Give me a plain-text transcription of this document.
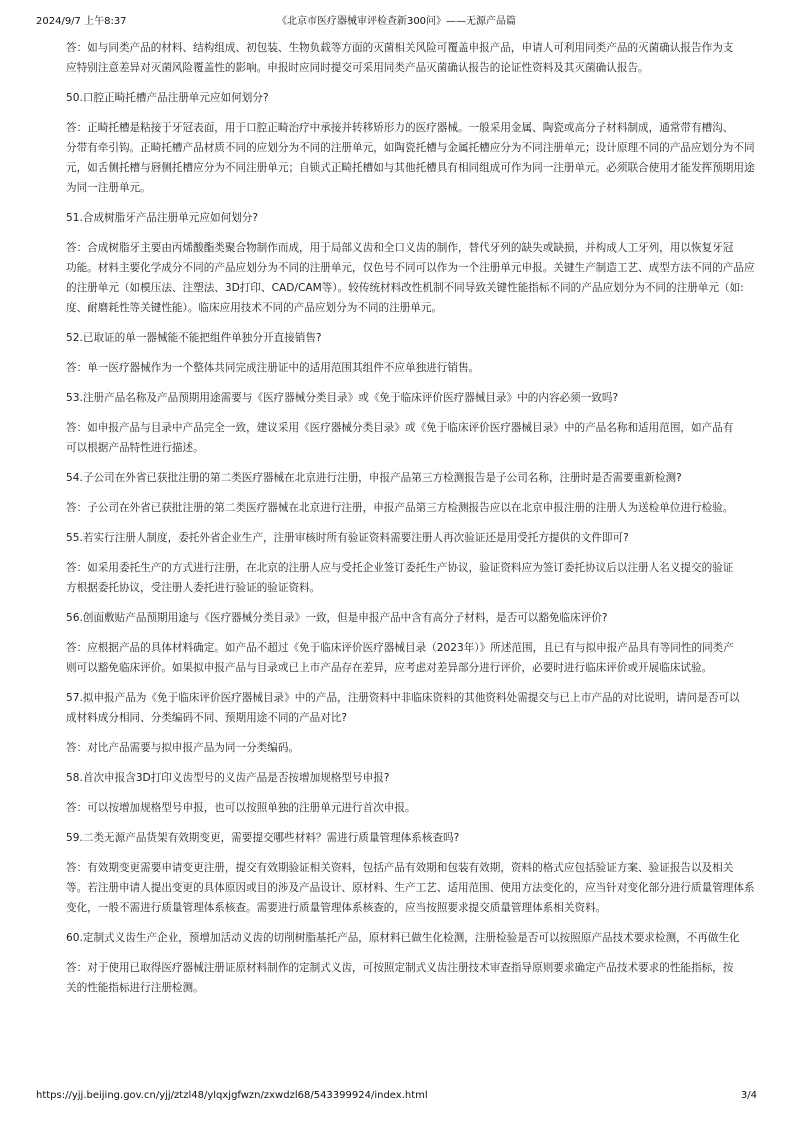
2024/9/7 上午8:37	《北京市医疗器械审评检查新300问》——无源产品篇
答：如与同类产品的材料、结构组成、初包装、生物负载等方面的灭菌相关风险可覆盖申报产品，申请人可利用同类产品的灭菌确认报告作为支
应特别注意差异对灭菌风险覆盖性的影响。申报时应同时提交可采用同类产品灭菌确认报告的论证性资料及其灭菌确认报告。
50.口腔正畸托槽产品注册单元应如何划分?
答：正畸托槽是粘接于牙冠表面，用于口腔正畸治疗中承接并转移矫形力的医疗器械。一般采用金属、陶瓷或高分子材料制成，通常带有槽沟、
分带有牵引钩。正畸托槽产品材质不同的应划分为不同的注册单元，如陶瓷托槽与金属托槽应分为不同注册单元；设计原理不同的产品应划分为不同
元，如舌侧托槽与唇侧托槽应分为不同注册单元；自锁式正畸托槽如与其他托槽具有相同组成可作为同一注册单元。必须联合使用才能发挥预期用途
为同一注册单元。
51.合成树脂牙产品注册单元应如何划分?
答：合成树脂牙主要由丙烯酸酯类聚合物制作而成，用于局部义齿和全口义齿的制作，替代牙列的缺失或缺损，并构成人工牙列，用以恢复牙冠
功能。材料主要化学成分不同的产品应划分为不同的注册单元，仅色号不同可以作为一个注册单元申报。关键生产制造工艺、成型方法不同的产品应
的注册单元（如模压法、注塑法、3D打印、CAD/CAM等）。较传统材料改性机制不同导致关键性能指标不同的产品应划分为不同的注册单元（如:
度、耐磨耗性等关键性能）。临床应用技术不同的产品应划分为不同的注册单元。
52.已取证的单一器械能不能把组件单独分开直接销售?
答：单一医疗器械作为一个整体共同完成注册证中的适用范围其组件不应单独进行销售。
53.注册产品名称及产品预期用途需要与《医疗器械分类目录》或《免于临床评价医疗器械目录》中的内容必须一致吗?
答：如申报产品与目录中产品完全一致，建议采用《医疗器械分类目录》或《免于临床评价医疗器械目录》中的产品名称和适用范围，如产品有
可以根据产品特性进行描述。
54.子公司在外省已获批注册的第二类医疗器械在北京进行注册，申报产品第三方检测报告是子公司名称，注册时是否需要重新检测?
答：子公司在外省已获批注册的第二类医疗器械在北京进行注册，申报产品第三方检测报告应以在北京申报注册的注册人为送检单位进行检验。
55.若实行注册人制度，委托外省企业生产，注册审核时所有验证资料需要注册人再次验证还是用受托方提供的文件即可?
答：如采用委托生产的方式进行注册，在北京的注册人应与受托企业签订委托生产协议，验证资料应为签订委托协议后以注册人名义提交的验证
方根据委托协议，受注册人委托进行验证的验证资料。
56.创面敷贴产品预期用途与《医疗器械分类目录》一致，但是申报产品中含有高分子材料，是否可以豁免临床评价?
答：应根据产品的具体材料确定。如产品不超过《免于临床评价医疗器械目录（2023年）》所述范围，且已有与拟申报产品具有等同性的同类产
则可以豁免临床评价。如果拟申报产品与目录或已上市产品存在差异，应考虑对差异部分进行评价，必要时进行临床评价或开展临床试验。
57.拟申报产品为《免于临床评价医疗器械目录》中的产品，注册资料中非临床资料的其他资料处需提交与已上市产品的对比说明，请问是否可以
成材料成分相同、分类编码不同、预期用途不同的产品对比?
答：对比产品需要与拟申报产品为同一分类编码。
58.首次申报含3D打印义齿型号的义齿产品是否按增加规格型号申报?
答：可以按增加规格型号申报，也可以按照单独的注册单元进行首次申报。
59.二类无源产品货架有效期变更，需要提交哪些材料？需进行质量管理体系核查吗?
答：有效期变更需要申请变更注册，提交有效期验证相关资料，包括产品有效期和包装有效期，资料的格式应包括验证方案、验证报告以及相关
等。若注册申请人提出变更的具体原因或目的涉及产品设计、原材料、生产工艺、适用范围、使用方法变化的，应当针对变化部分进行质量管理体系
变化，一般不需进行质量管理体系核查。需要进行质量管理体系核查的，应当按照要求提交质量管理体系相关资料。
60.定制式义齿生产企业，预增加活动义齿的切削树脂基托产品，原材料已做生化检测，注册检验是否可以按照原产品技术要求检测，不再做生化
答：对于使用已取得医疗器械注册证原材料制作的定制式义齿，可按照定制式义齿注册技术审查指导原则要求确定产品技术要求的性能指标，按
关的性能指标进行注册检测。
https://yjj.beijing.gov.cn/yjj/ztzl48/ylqxjgfwzn/zxwdzl68/543399924/index.html	3/4
